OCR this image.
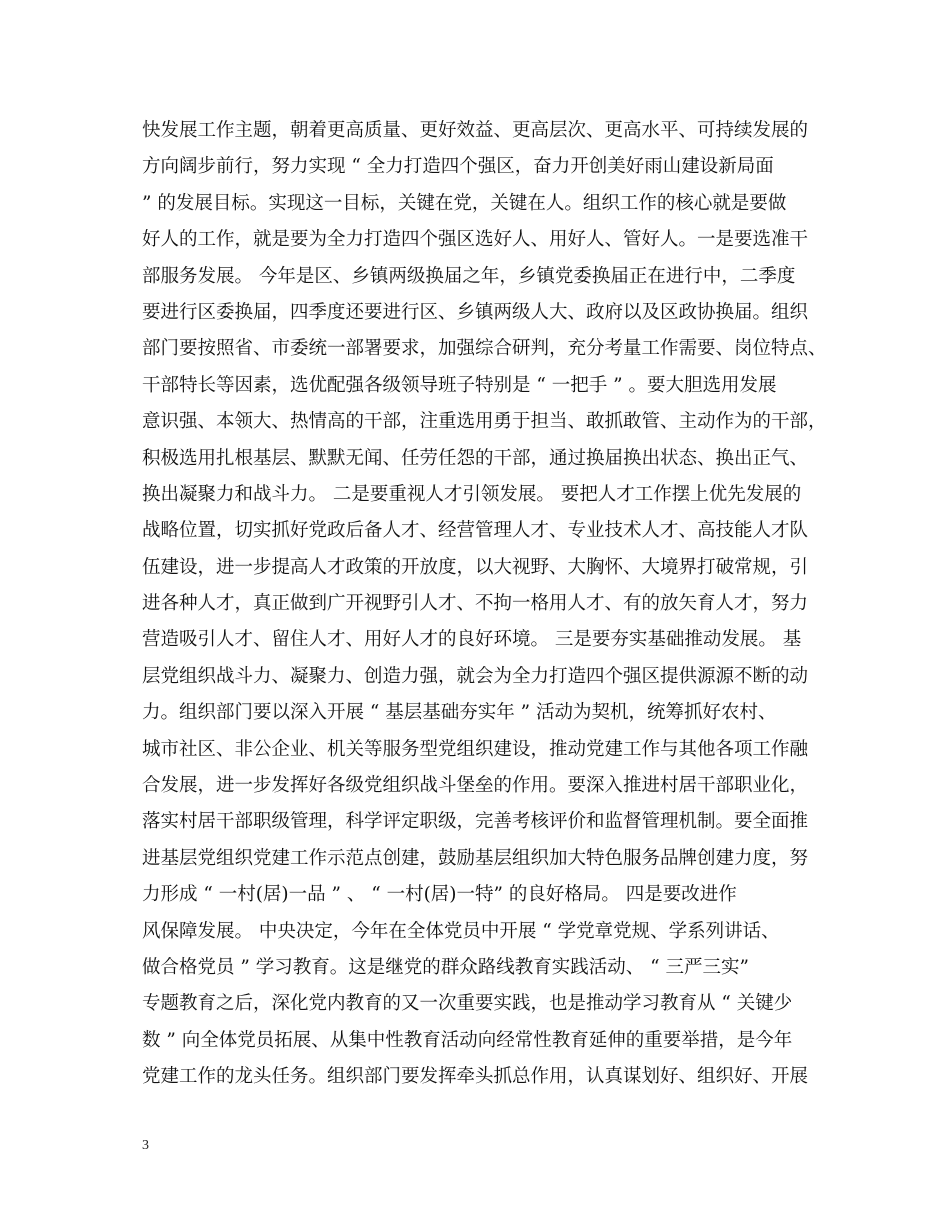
快发展工作主题，朝着更高质量、更好效益、更高层次、更高水平、可持续发展的
方向阔步前行，努力实现 “ 全力打造四个强区，奋力开创美好雨山建设新局面
” 的发展目标。实现这一目标，关键在党，关键在人。组织工作的核心就是要做
好人的工作，就是要为全力打造四个强区选好人、用好人、管好人。一是要选准干
部服务发展。 今年是区、乡镇两级换届之年，乡镇党委换届正在进行中，二季度
要进行区委换届，四季度还要进行区、乡镇两级人大、政府以及区政协换届。组织
部门要按照省、市委统一部署要求，加强综合研判，充分考量工作需要、岗位特点、
干部特长等因素，选优配强各级领导班子特别是 “ 一把手 ” 。要大胆选用发展
意识强、本领大、热情高的干部，注重选用勇于担当、敢抓敢管、主动作为的干部，
积极选用扎根基层、默默无闻、任劳任怨的干部，通过换届换出状态、换出正气、
换出凝聚力和战斗力。 二是要重视人才引领发展。 要把人才工作摆上优先发展的
战略位置，切实抓好党政后备人才、经营管理人才、专业技术人才、高技能人才队
伍建设，进一步提高人才政策的开放度，以大视野、大胸怀、大境界打破常规，引
进各种人才，真正做到广开视野引人才、不拘一格用人才、有的放矢育人才，努力
营造吸引人才、留住人才、用好人才的良好环境。 三是要夯实基础推动发展。 基
层党组织战斗力、凝聚力、创造力强，就会为全力打造四个强区提供源源不断的动
力。组织部门要以深入开展 “ 基层基础夯实年 ” 活动为契机，统筹抓好农村、
城市社区、非公企业、机关等服务型党组织建设，推动党建工作与其他各项工作融
合发展，进一步发挥好各级党组织战斗堡垒的作用。要深入推进村居干部职业化，
落实村居干部职级管理，科学评定职级，完善考核评价和监督管理机制。要全面推
进基层党组织党建工作示范点创建，鼓励基层组织加大特色服务品牌创建力度，努
力形成 “ 一村(居)一品 ” 、 “ 一村(居)一特” 的良好格局。 四是要改进作
风保障发展。 中央决定，今年在全体党员中开展 “ 学党章党规、学系列讲话、
做合格党员 ” 学习教育。这是继党的群众路线教育实践活动、 “ 三严三实”
专题教育之后，深化党内教育的又一次重要实践，也是推动学习教育从 “ 关键少
数 ” 向全体党员拓展、从集中性教育活动向经常性教育延伸的重要举措，是今年
党建工作的龙头任务。组织部门要发挥牵头抓总作用，认真谋划好、组织好、开展
3
